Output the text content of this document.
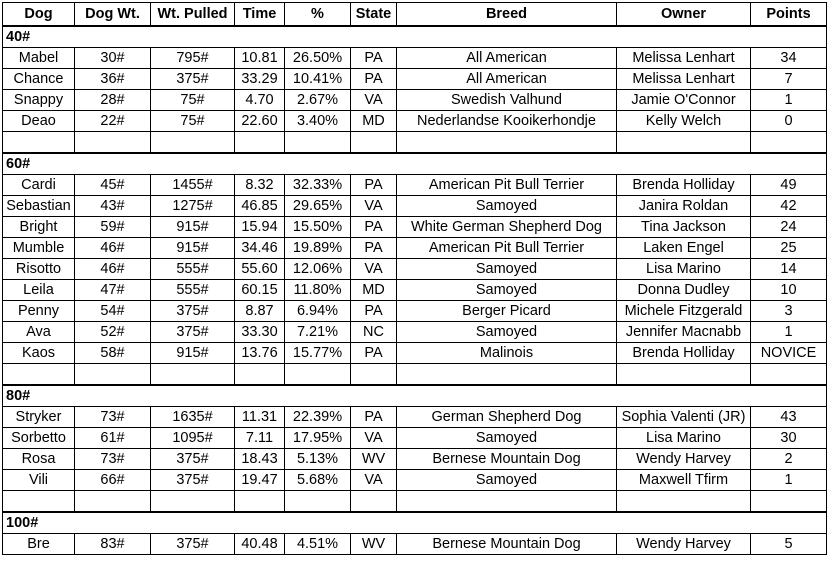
Dog	Dog Wt.	Wt. Pulled	Time	%	State	Breed	Owner	Points
40#								
Mabel	30#	795#	10.81	26.50%	PA	All American	Melissa Lenhart	34
Chance	36#	375#	33.29	10.41%	PA	All American	Melissa Lenhart	7
Snappy	28#	75#	4.70	2.67%	VA	Swedish Valhund	Jamie O'Connor	1
Deao	22#	75#	22.60	3.40%	MD	Nederlandse Kooikerhondje	Kelly Welch	0

60#								
Cardi	45#	1455#	8.32	32.33%	PA	American Pit Bull Terrier	Brenda Holliday	49
Sebastian	43#	1275#	46.85	29.65%	VA	Samoyed	Janira Roldan	42
Bright	59#	915#	15.94	15.50%	PA	White German Shepherd Dog	Tina Jackson	24
Mumble	46#	915#	34.46	19.89%	PA	American Pit Bull Terrier	Laken Engel	25
Risotto	46#	555#	55.60	12.06%	VA	Samoyed	Lisa Marino	14
Leila	47#	555#	60.15	11.80%	MD	Samoyed	Donna Dudley	10
Penny	54#	375#	8.87	6.94%	PA	Berger Picard	Michele Fitzgerald	3
Ava	52#	375#	33.30	7.21%	NC	Samoyed	Jennifer Macnabb	1
Kaos	58#	915#	13.76	15.77%	PA	Malinois	Brenda Holliday	NOVICE

80#								
Stryker	73#	1635#	11.31	22.39%	PA	German Shepherd Dog	Sophia Valenti (JR)	43
Sorbetto	61#	1095#	7.11	17.95%	VA	Samoyed	Lisa Marino	30
Rosa	73#	375#	18.43	5.13%	WV	Bernese Mountain Dog	Wendy Harvey	2
Vili	66#	375#	19.47	5.68%	VA	Samoyed	Maxwell Tfirm	1

100#								
Bre	83#	375#	40.48	4.51%	WV	Bernese Mountain Dog	Wendy Harvey	5
